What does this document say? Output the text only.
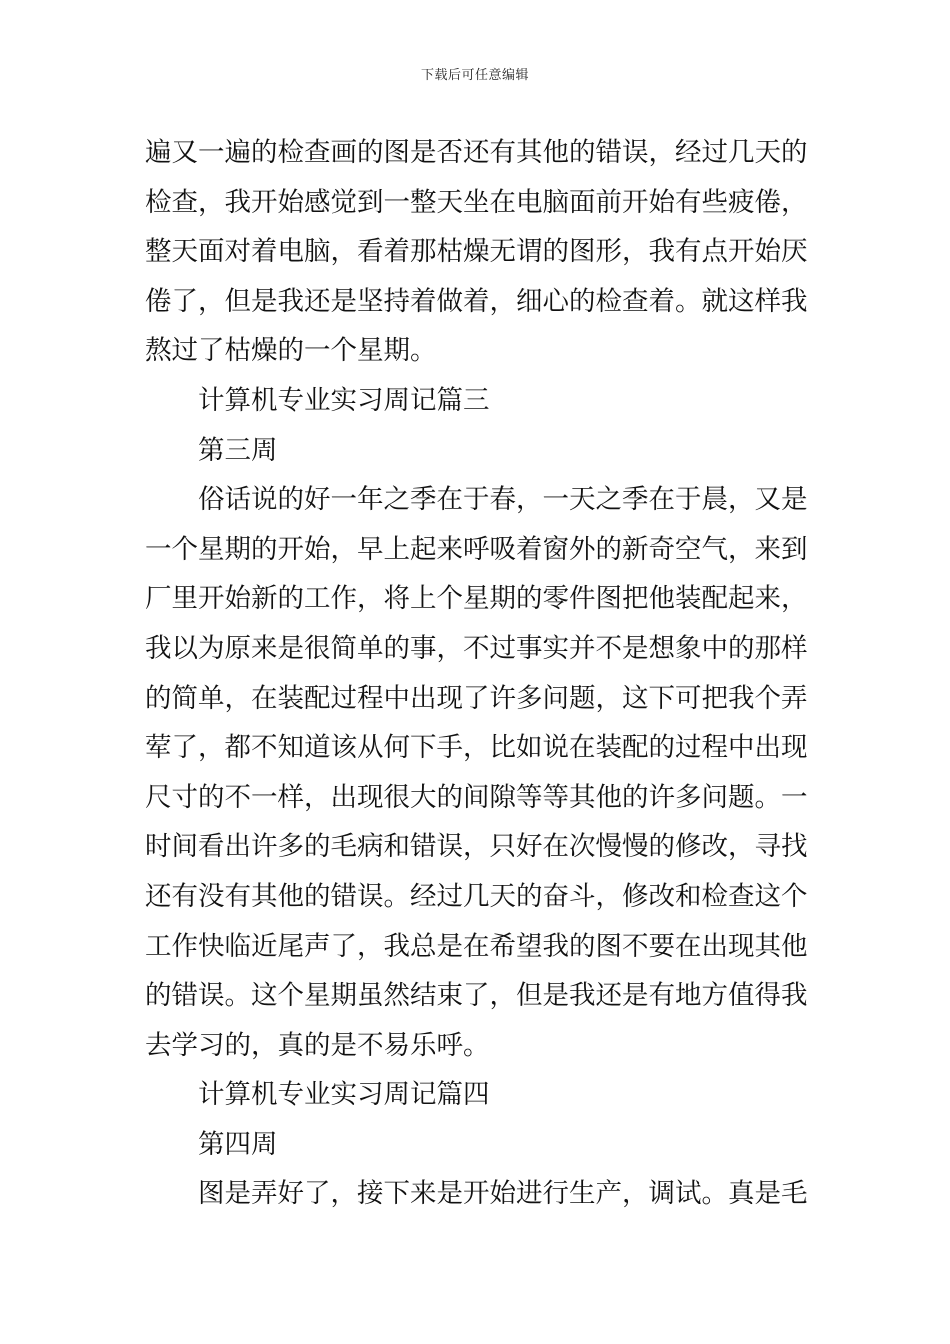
下载后可任意编辑
遍又一遍的检查画的图是否还有其他的错误，经过几天的
检查，我开始感觉到一整天坐在电脑面前开始有些疲倦，
整天面对着电脑，看着那枯燥无谓的图形，我有点开始厌
倦了，但是我还是坚持着做着，细心的检查着。就这样我
熬过了枯燥的一个星期。
计算机专业实习周记篇三
第三周
俗话说的好一年之季在于春，一天之季在于晨，又是
一个星期的开始，早上起来呼吸着窗外的新奇空气，来到
厂里开始新的工作，将上个星期的零件图把他装配起来，
我以为原来是很简单的事，不过事实并不是想象中的那样
的简单，在装配过程中出现了许多问题，这下可把我个弄
荤了，都不知道该从何下手，比如说在装配的过程中出现
尺寸的不一样，出现很大的间隙等等其他的许多问题。一
时间看出许多的毛病和错误，只好在次慢慢的修改，寻找
还有没有其他的错误。经过几天的奋斗，修改和检查这个
工作快临近尾声了，我总是在希望我的图不要在出现其他
的错误。这个星期虽然结束了，但是我还是有地方值得我
去学习的，真的是不易乐呼。
计算机专业实习周记篇四
第四周
图是弄好了，接下来是开始进行生产，调试。真是毛
